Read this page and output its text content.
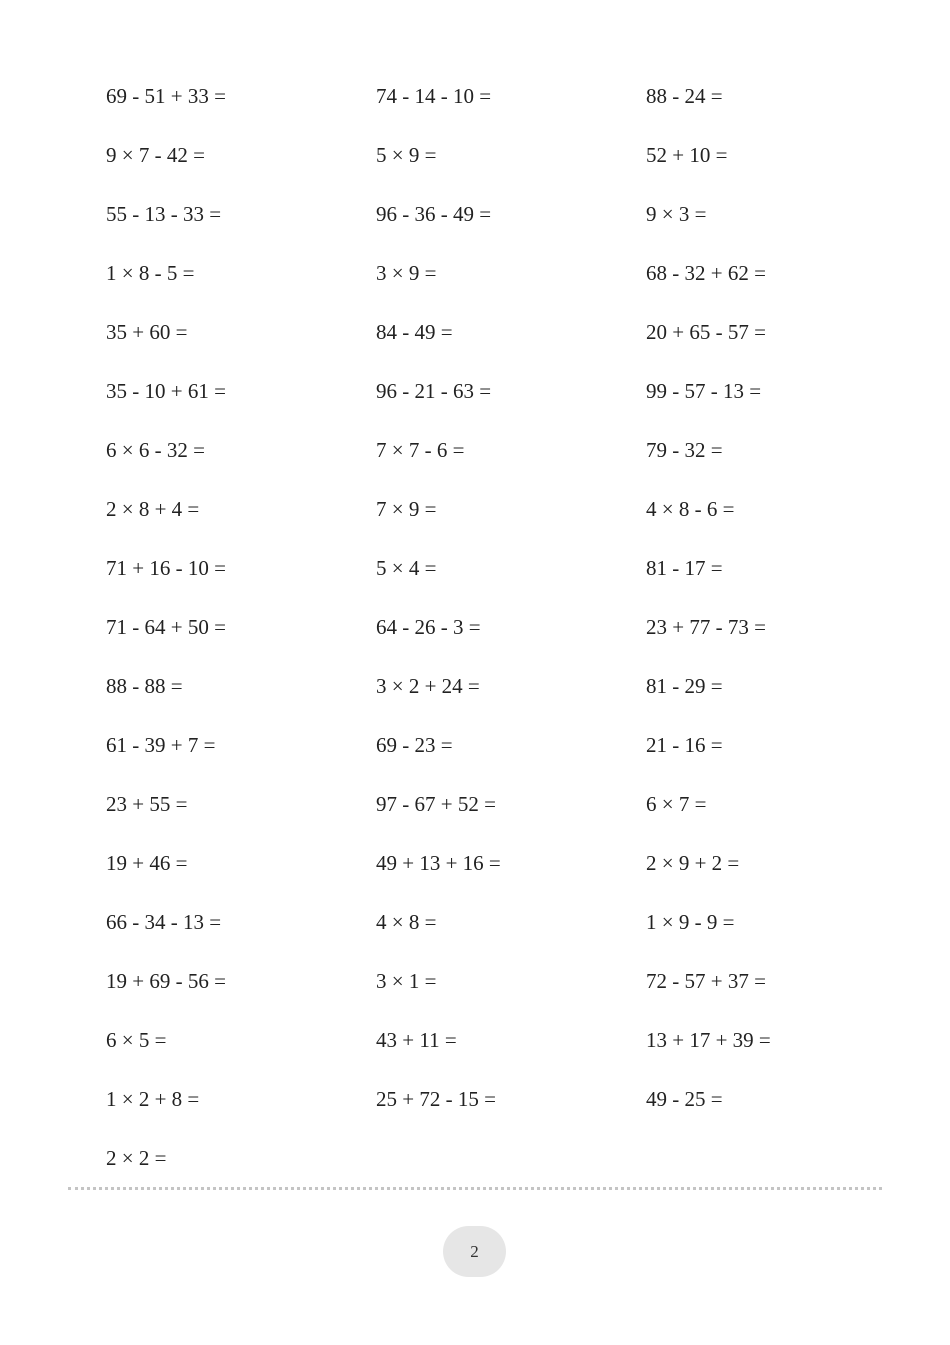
69 - 51 + 33 =	74 - 14 - 10 =	88 - 24 =
9 × 7 - 42 =	5 × 9 =	52 + 10 =
55 - 13 - 33 =	96 - 36 - 49 =	9 × 3 =
1 × 8 - 5 =	3 × 9 =	68 - 32 + 62 =
35 + 60 =	84 - 49 =	20 + 65 - 57 =
35 - 10 + 61 =	96 - 21 - 63 =	99 - 57 - 13 =
6 × 6 - 32 =	7 × 7 - 6 =	79 - 32 =
2 × 8 + 4 =	7 × 9 =	4 × 8 - 6 =
71 + 16 - 10 =	5 × 4 =	81 - 17 =
71 - 64 + 50 =	64 - 26 - 3 =	23 + 77 - 73 =
88 - 88 =	3 × 2 + 24 =	81 - 29 =
61 - 39 + 7 =	69 - 23 =	21 - 16 =
23 + 55 =	97 - 67 + 52 =	6 × 7 =
19 + 46 =	49 + 13 + 16 =	2 × 9 + 2 =
66 - 34 - 13 =	4 × 8 =	1 × 9 - 9 =
19 + 69 - 56 =	3 × 1 =	72 - 57 + 37 =
6 × 5 =	43 + 11 =	13 + 17 + 39 =
1 × 2 + 8 =	25 + 72 - 15 =	49 - 25 =
2 × 2 =
2
